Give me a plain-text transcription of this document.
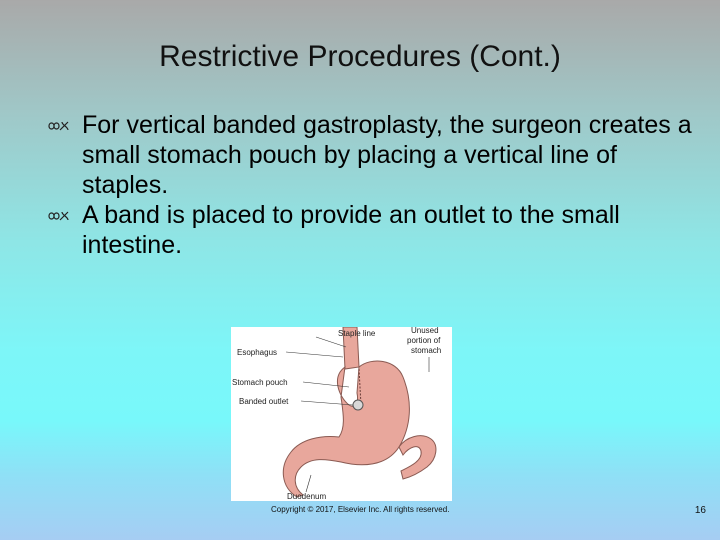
Restrictive Procedures (Cont.)
For vertical banded gastroplasty, the surgeon creates a small stomach pouch by placing a vertical line of staples.
A band is placed to provide an outlet to the small intestine.
Staple line	Unused
portion of
stomach
Esophagus
Stomach pouch
Banded outlet
Duodenum
Copyright © 2017, Elsevier Inc. All rights reserved.	16
